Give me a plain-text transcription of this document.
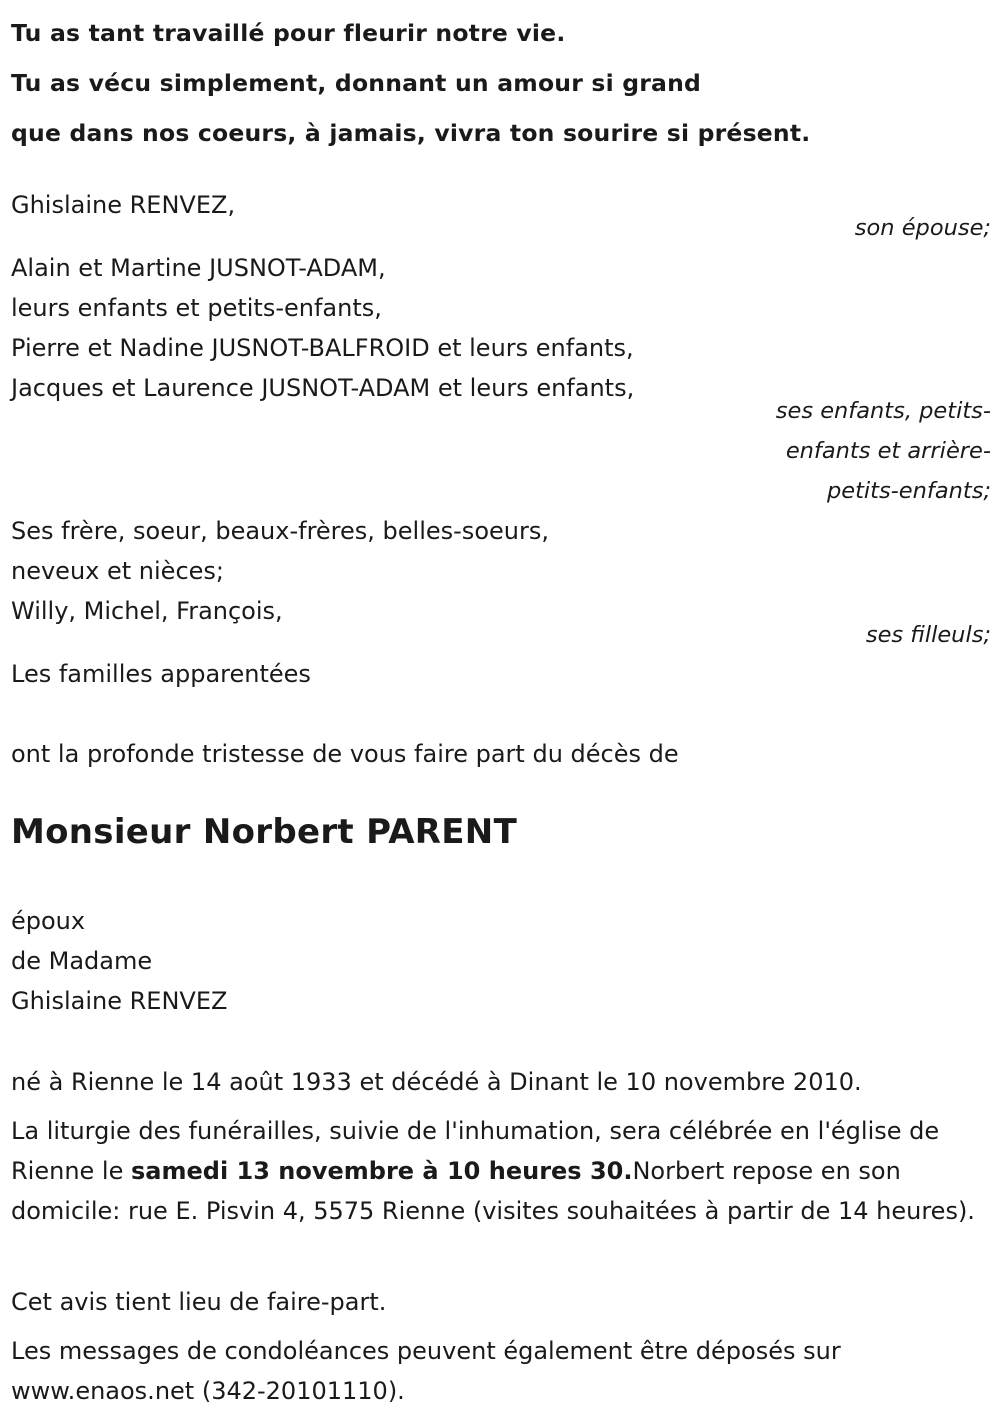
Tu as tant travaillé pour fleurir notre vie.
Tu as vécu simplement, donnant un amour si grand
que dans nos coeurs, à jamais, vivra ton sourire si présent.
Ghislaine RENVEZ,
son épouse;
Alain et Martine JUSNOT-ADAM,
leurs enfants et petits-enfants,
Pierre et Nadine JUSNOT-BALFROID et leurs enfants,
Jacques et Laurence JUSNOT-ADAM et leurs enfants,
ses enfants, petits-
enfants et arrière-
petits-enfants;
Ses frère, soeur, beaux-frères, belles-soeurs,
neveux et nièces;
Willy, Michel, François,
ses filleuls;
Les familles apparentées
ont la profonde tristesse de vous faire part du décès de
Monsieur Norbert PARENT
époux
de Madame
Ghislaine RENVEZ
né à Rienne le 14 août 1933 et décédé à Dinant le 10 novembre 2010.
La liturgie des funérailles, suivie de l'inhumation, sera célébrée en l'église de Rienne le samedi 13 novembre à 10 heures 30.Norbert repose en son domicile: rue E. Pisvin 4, 5575 Rienne (visites souhaitées à partir de 14 heures).
Cet avis tient lieu de faire-part.
Les messages de condoléances peuvent également être déposés sur www.enaos.net (342-20101110).
